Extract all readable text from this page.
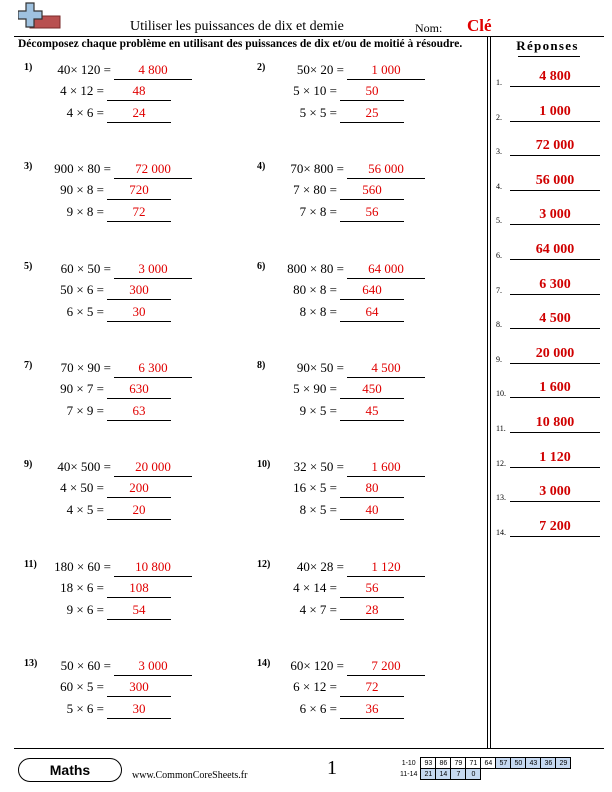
Utiliser les puissances de dix et demie	Nom: Clé
Décomposez chaque problème en utilisant des puissances de dix et/ou de moitié à résoudre.	Réponses
1.	4 800
2.	1 000
3.	72 000
4.	56 000
5.	3 000
6.	64 000
7.	6 300
8.	4 500
9.	20 000
10.	1 600
11.	10 800
12.	1 120
13.	3 000
14.	7 200
1) 40× 120 =	4 800
4 × 12 =	48
4 × 6 =	24
2) 50× 20 =	1 000
5 × 10 =	50
5 × 5 =	25
3) 900 × 80 =	72 000
90 × 8 =	720
9 × 8 =	72
4) 70× 800 =	56 000
7 × 80 =	560
7 × 8 =	56
5) 60 × 50 =	3 000
50 × 6 =	300
6 × 5 =	30
6) 800 × 80 =	64 000
80 × 8 =	640
8 × 8 =	64
7) 70 × 90 =	6 300
90 × 7 =	630
7 × 9 =	63
8) 90× 50 =	4 500
5 × 90 =	450
9 × 5 =	45
9) 40× 500 =	20 000
4 × 50 =	200
4 × 5 =	20
10) 32 × 50 =	1 600
16 × 5 =	80
8 × 5 =	40
11) 180 × 60 =	10 800
18 × 6 =	108
9 × 6 =	54
12) 40× 28 =	1 120
4 × 14 =	56
4 × 7 =	28
13) 50 × 60 =	3 000
60 × 5 =	300
5 × 6 =	30
14) 60× 120 =	7 200
6 × 12 =	72
6 × 6 =	36
Maths	www.CommonCoreSheets.fr	1	1-10	93	86	79	71	64	57	50	43	36	29
11-14	21	14	7	0						
